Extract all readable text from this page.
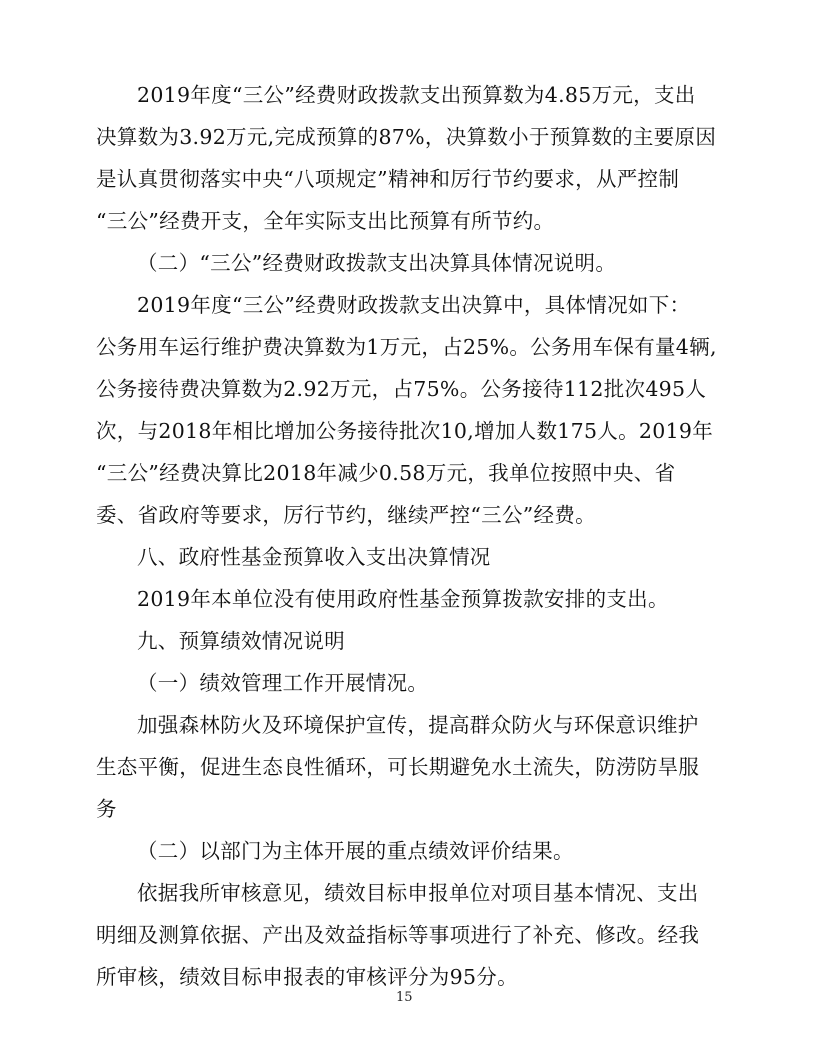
2019年度“三公”经费财政拨款支出预算数为4.85万元，支出
决算数为3.92万元,完成预算的87%，决算数小于预算数的主要原因
是认真贯彻落实中央“八项规定”精神和厉行节约要求，从严控制
“三公”经费开支，全年实际支出比预算有所节约。

（二）“三公”经费财政拨款支出决算具体情况说明。

2019年度“三公”经费财政拨款支出决算中，具体情况如下：
公务用车运行维护费决算数为1万元，占25%。公务用车保有量4辆,
公务接待费决算数为2.92万元，占75%。公务接待112批次495人
次，与2018年相比增加公务接待批次10,增加人数175人。2019年
“三公”经费决算比2018年减少0.58万元，我单位按照中央、省
委、省政府等要求，厉行节约，继续严控“三公”经费。

八、政府性基金预算收入支出决算情况

2019年本单位没有使用政府性基金预算拨款安排的支出。

九、预算绩效情况说明

（一）绩效管理工作开展情况。

加强森林防火及环境保护宣传，提高群众防火与环保意识维护
生态平衡，促进生态良性循环，可长期避免水土流失，防涝防旱服
务

（二）以部门为主体开展的重点绩效评价结果。

依据我所审核意见，绩效目标申报单位对项目基本情况、支出
明细及测算依据、产出及效益指标等事项进行了补充、修改。经我
所审核，绩效目标申报表的审核评分为95分。

15
